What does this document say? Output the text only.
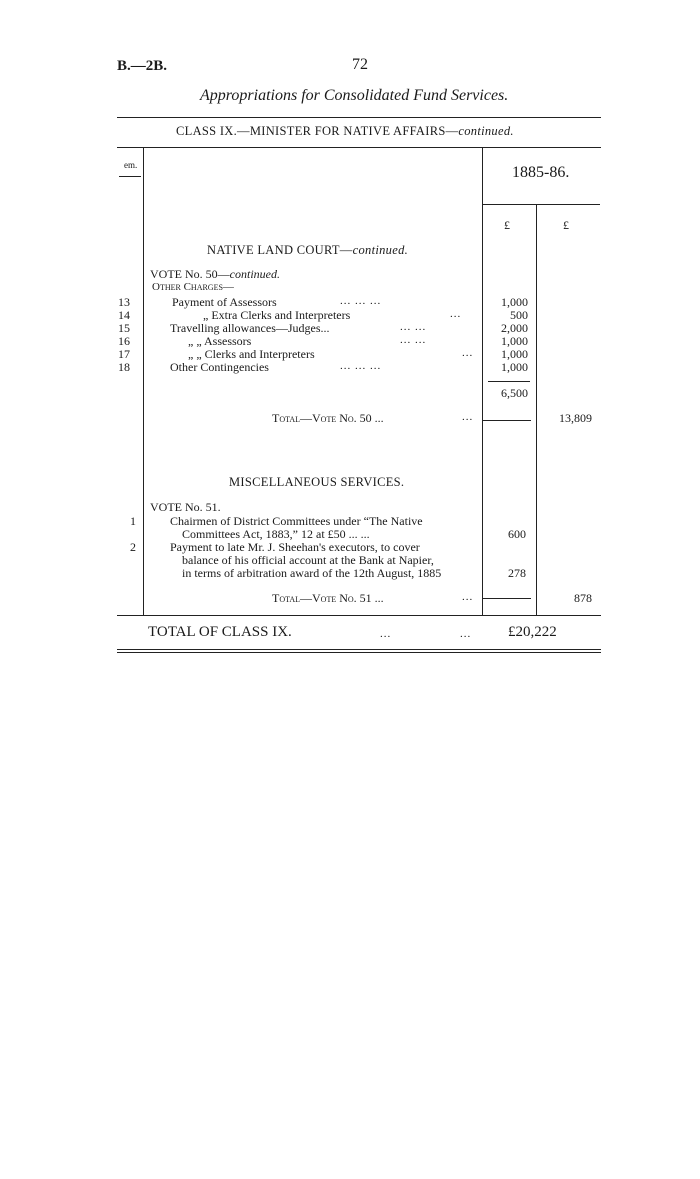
B.—2B.	72
Appropriations for Consolidated Fund Services.
CLASS IX.—MINISTER FOR NATIVE AFFAIRS—continued.
em.	1885-86.
£	£
NATIVE LAND COURT—continued.
VOTE No. 50—continued.
Other Charges—
13	Payment of Assessors	... ... ...	1,000
14	„ Extra Clerks and Interpreters	...	500
15	Travelling allowances—Judges...	... ...	2,000
16	„ „ Assessors	... ...	1,000
17	„ „ Clerks and Interpreters	...	1,000
18	Other Contingencies	... ... ...	1,000
6,500
Total—Vote No. 50 ...	...	13,809
MISCELLANEOUS SERVICES.
VOTE No. 51.
1	Chairmen of District Committees under “The Native
Committees Act, 1883,” 12 at £50 ... ...	600
2	Payment to late Mr. J. Sheehan's executors, to cover
balance of his official account at the Bank at Napier,
in terms of arbitration award of the 12th August, 1885	278
Total—Vote No. 51 ...	...	878
TOTAL OF CLASS IX.	...	... £20,222
